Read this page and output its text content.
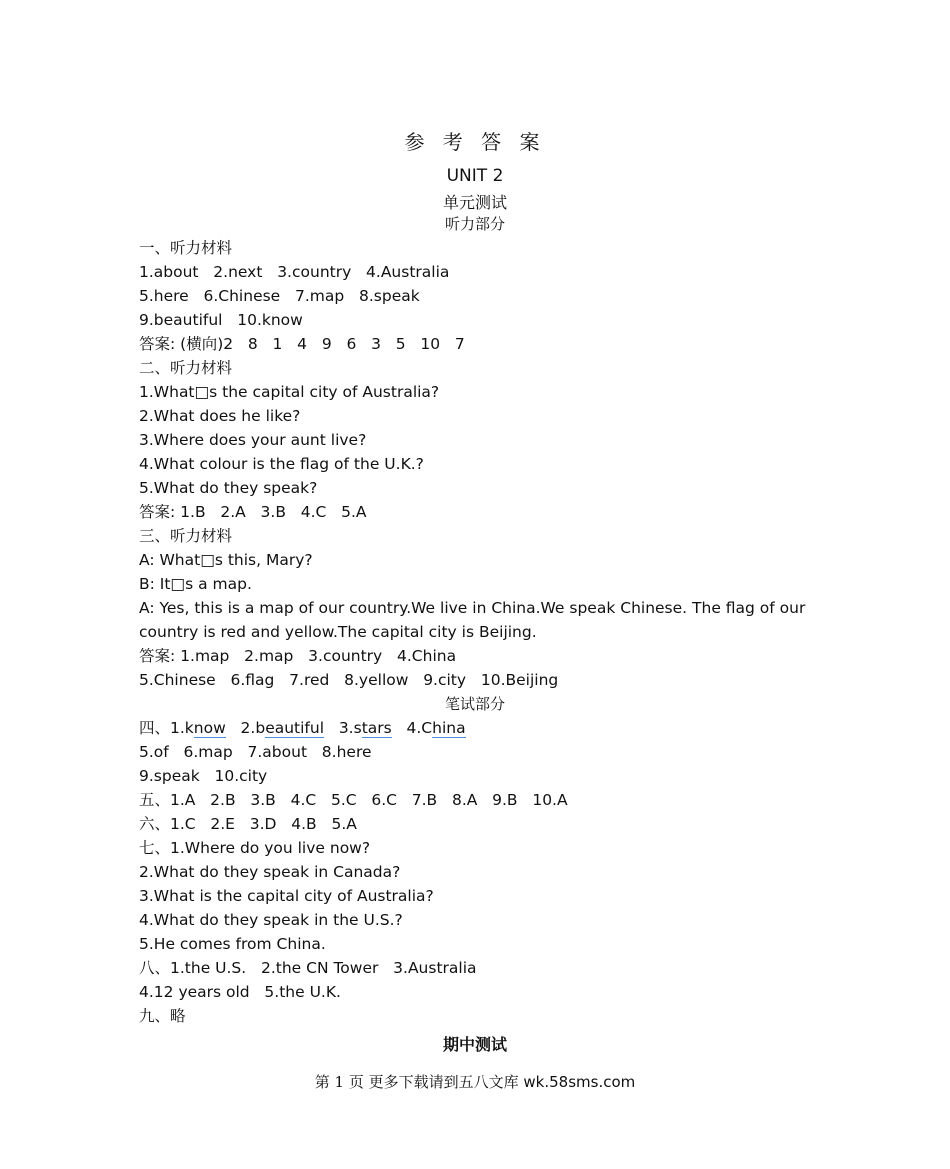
参 考 答 案
UNIT 2
单元测试
听力部分
一、听力材料
1.about   2.next   3.country   4.Australia
5.here   6.Chinese   7.map   8.speak
9.beautiful   10.know
答案: (横向)2   8   1   4   9   6   3   5   10   7
二、听力材料
1.What□s the capital city of Australia?
2.What does he like?
3.Where does your aunt live?
4.What colour is the flag of the U.K.?
5.What do they speak?
答案: 1.B   2.A   3.B   4.C   5.A
三、听力材料
A: What□s this, Mary?
B: It□s a map.
A: Yes, this is a map of our country.We live in China.We speak Chinese. The flag of our country is red and yellow.The capital city is Beijing.
答案: 1.map   2.map   3.country   4.China
5.Chinese   6.flag   7.red   8.yellow   9.city   10.Beijing
笔试部分
四、1.know 2.beautiful 3.stars 4.China
5.of   6.map   7.about   8.here
9.speak   10.city
五、1.A   2.B   3.B   4.C   5.C   6.C   7.B   8.A   9.B   10.A
六、1.C   2.E   3.D   4.B   5.A
七、1.Where do you live now?
2.What do they speak in Canada?
3.What is the capital city of Australia?
4.What do they speak in the U.S.?
5.He comes from China.
八、1.the U.S.   2.the CN Tower   3.Australia
4.12 years old   5.the U.K.
九、略
期中测试
第 1 页 更多下载请到五八文库 wk.58sms.com
